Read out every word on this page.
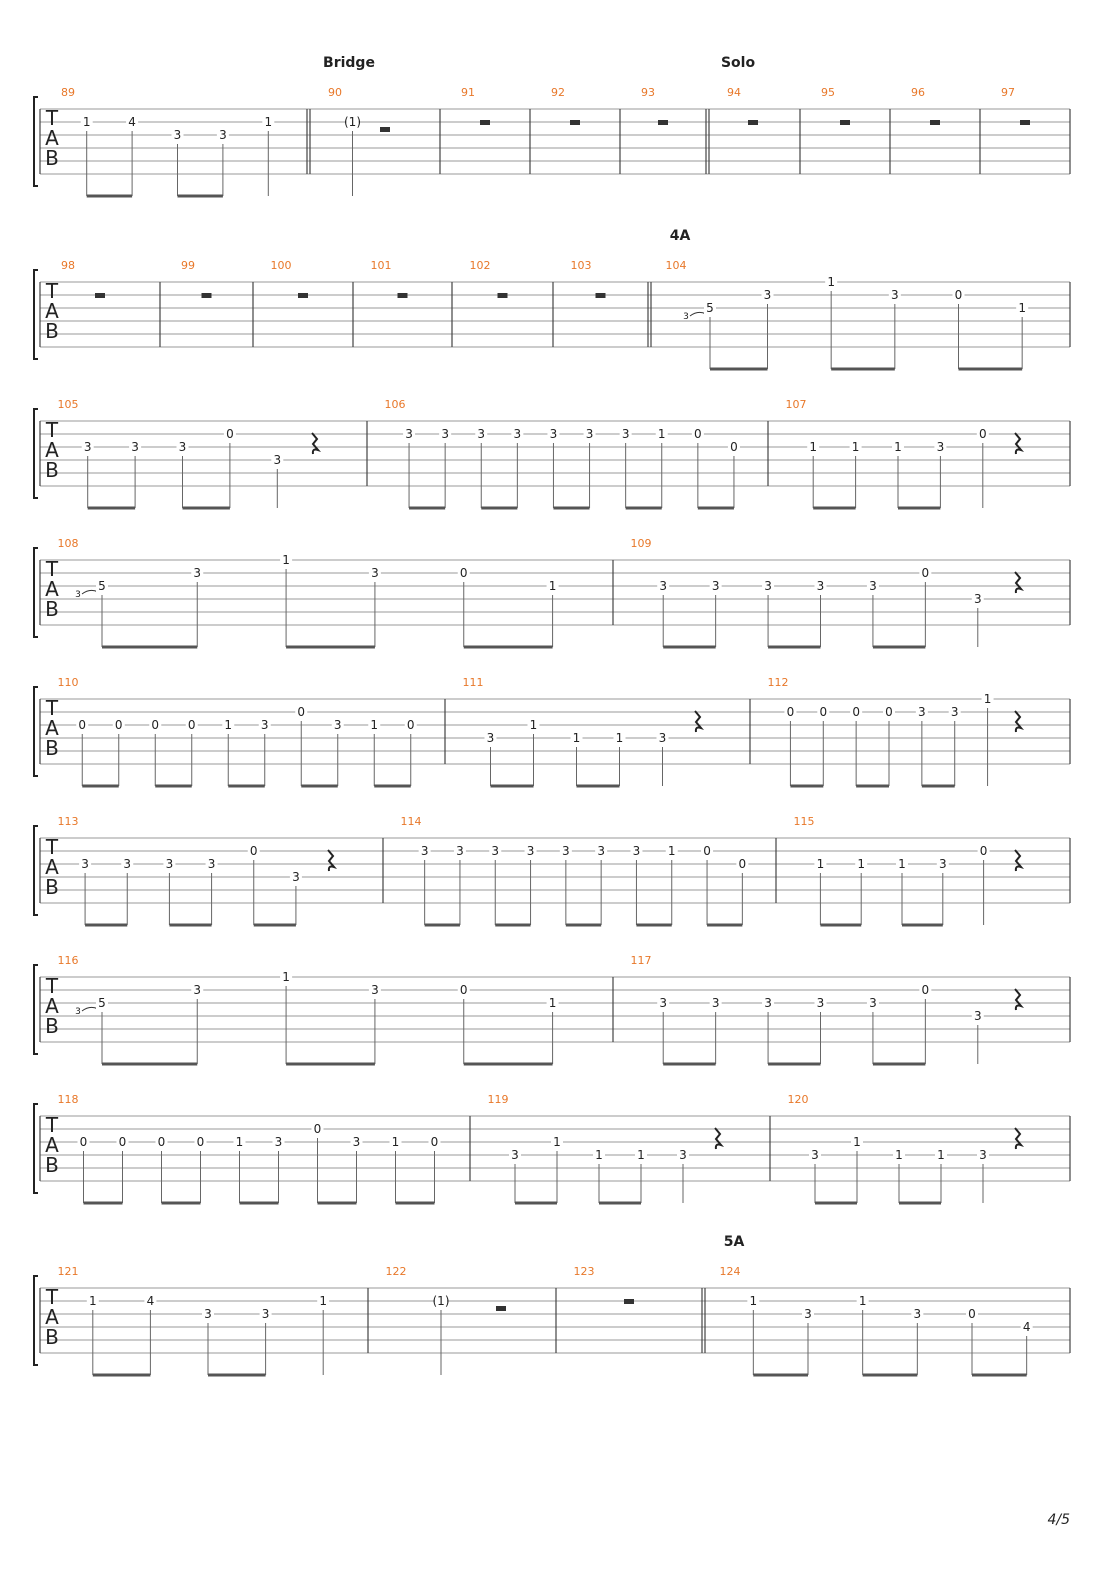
T
A
B
89
1	4
3	3
1
90
Bridge
(1)
91	92	93	94
Solo
95	96	97
T
A
B
98	99	100	101	102	103	104
4A
3
5
3
1
3	0
1
T
A
B
105
3	3	3
0
3
106
3 3 3 3 3 3 3 1 0
0
107
1	1	1	3
0
T
A
B
108
3
5
3
1
3	0
1
109
3	3	3	3	3
0
3
T
A
B
110
0 0 0 0 1 3
0
3 1 0
111
3
1
1	1	3
112
0 0 0 0 3 3
1
T
A
B
113
3	3	3	3
0
3
114
3 3 3 3 3 3 3 1 0
0
115
1	1	1	3
0
T
A
B
116
3
5
3
1
3	0
1
117
3	3	3	3	3
0
3
T
A
B
118
0	0	0	0	1	3
0
3	1	0
119
3
1
1	1	3
120
3
1
1	1	3
T
A
B
121
1	4
3	3
1
122
(1)
123	124
5A
1
3
1
3	0
4
4/5
